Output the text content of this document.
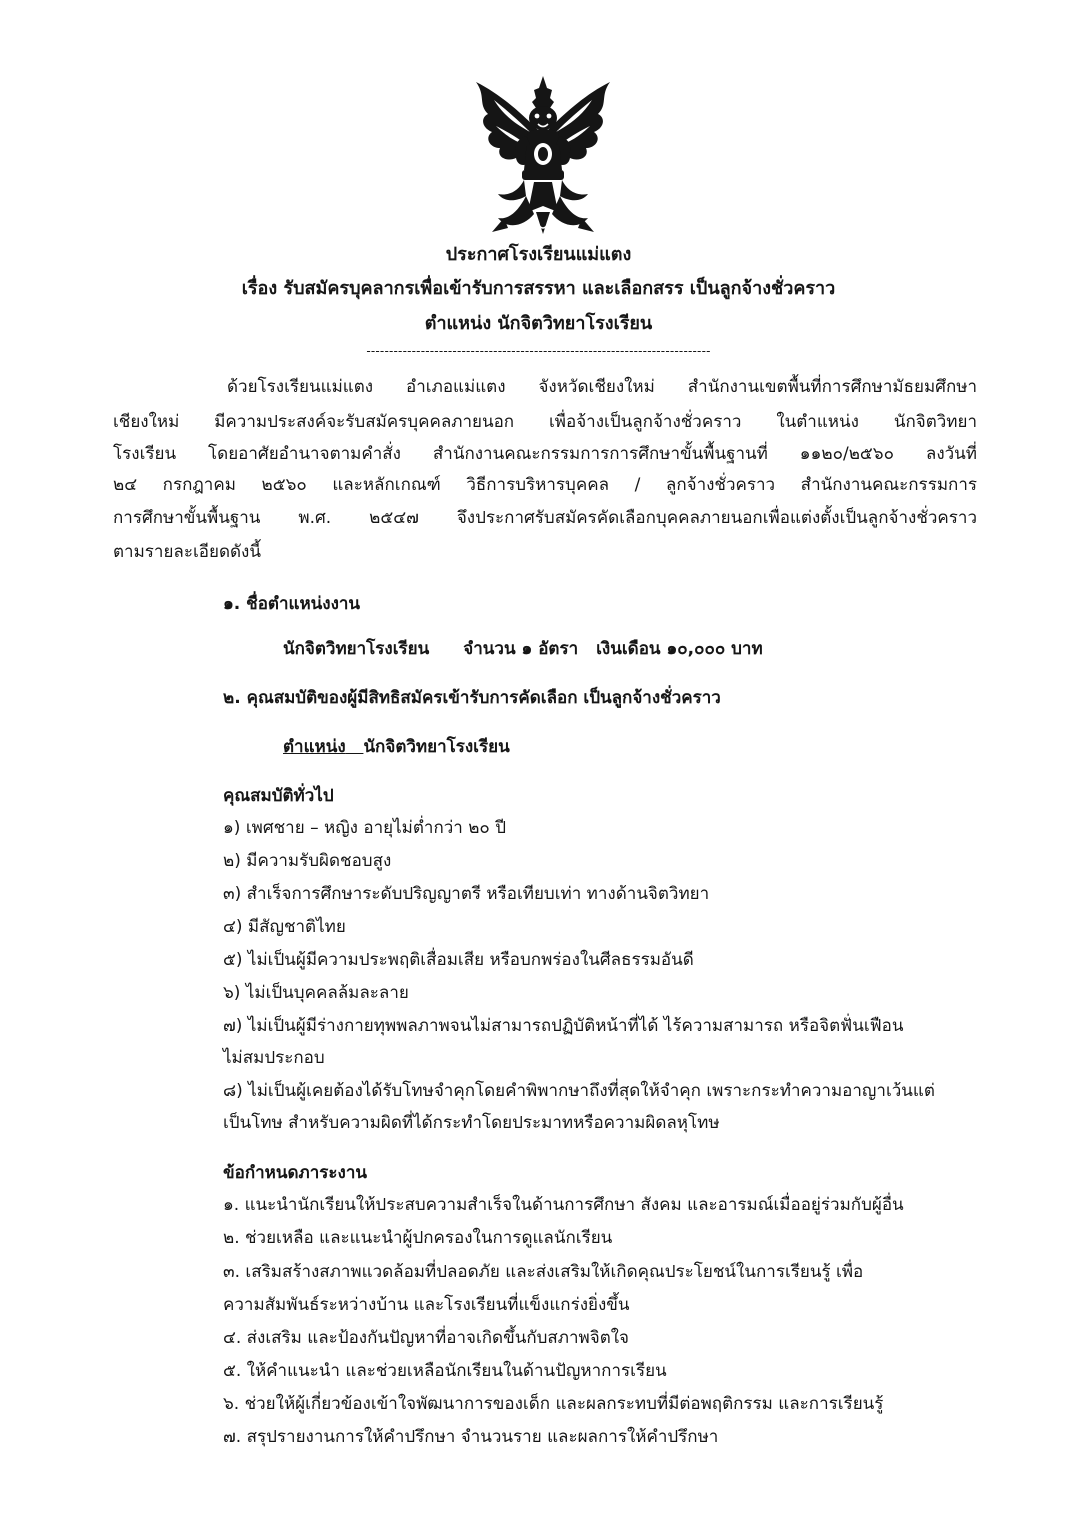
ประกาศโรงเรียนแม่แตง
เรื่อง รับสมัครบุคลากรเพื่อเข้ารับการสรรหา และเลือกสรร เป็นลูกจ้างชั่วคราว
ตำแหน่ง นักจิตวิทยาโรงเรียน
----------------------------------------------------------------------------
ด้วยโรงเรียนแม่แตง อำเภอแม่แตง จังหวัดเชียงใหม่ สำนักงานเขตพื้นที่การศึกษามัธยมศึกษา
เชียงใหม่ มีความประสงค์จะรับสมัครบุคคลภายนอก เพื่อจ้างเป็นลูกจ้างชั่วคราว ในตำแหน่ง นักจิตวิทยา
โรงเรียน โดยอาศัยอำนาจตามคำสั่ง สำนักงานคณะกรรมการการศึกษาขั้นพื้นฐานที่ ๑๑๒๐/๒๕๖๐ ลงวันที่
๒๔ กรกฎาคม ๒๕๖๐ และหลักเกณฑ์ วิธีการบริหารบุคคล / ลูกจ้างชั่วคราว สำนักงานคณะกรรมการ
การศึกษาขั้นพื้นฐาน พ.ศ. ๒๕๔๗ จึงประกาศรับสมัครคัดเลือกบุคคลภายนอกเพื่อแต่งตั้งเป็นลูกจ้างชั่วคราว
ตามรายละเอียดดังนี้
๑. ชื่อตำแหน่งงาน
นักจิตวิทยาโรงเรียน จำนวน ๑ อัตรา เงินเดือน ๑๐,๐๐๐ บาท
๒. คุณสมบัติของผู้มีสิทธิสมัครเข้ารับการคัดเลือก เป็นลูกจ้างชั่วคราว
ตำแหน่ง นักจิตวิทยาโรงเรียน
คุณสมบัติทั่วไป
๑) เพศชาย – หญิง อายุไม่ต่ำกว่า ๒๐ ปี
๒) มีความรับผิดชอบสูง
๓) สำเร็จการศึกษาระดับปริญญาตรี หรือเทียบเท่า ทางด้านจิตวิทยา
๔) มีสัญชาติไทย
๕) ไม่เป็นผู้มีความประพฤติเสื่อมเสีย หรือบกพร่องในศีลธรรมอันดี
๖) ไม่เป็นบุคคลล้มละลาย
๗) ไม่เป็นผู้มีร่างกายทุพพลภาพจนไม่สามารถปฏิบัติหน้าที่ได้ ไร้ความสามารถ หรือจิตฟั่นเฟือน
ไม่สมประกอบ
๘) ไม่เป็นผู้เคยต้องได้รับโทษจำคุกโดยคำพิพากษาถึงที่สุดให้จำคุก เพราะกระทำความอาญาเว้นแต่
เป็นโทษ สำหรับความผิดที่ได้กระทำโดยประมาทหรือความผิดลหุโทษ
ข้อกำหนดภาระงาน
๑. แนะนำนักเรียนให้ประสบความสำเร็จในด้านการศึกษา สังคม และอารมณ์เมื่ออยู่ร่วมกับผู้อื่น
๒. ช่วยเหลือ และแนะนำผู้ปกครองในการดูแลนักเรียน
๓. เสริมสร้างสภาพแวดล้อมที่ปลอดภัย และส่งเสริมให้เกิดคุณประโยชน์ในการเรียนรู้ เพื่อ
ความสัมพันธ์ระหว่างบ้าน และโรงเรียนที่แข็งแกร่งยิ่งขึ้น
๔. ส่งเสริม และป้องกันปัญหาที่อาจเกิดขึ้นกับสภาพจิตใจ
๕. ให้คำแนะนำ และช่วยเหลือนักเรียนในด้านปัญหาการเรียน
๖. ช่วยให้ผู้เกี่ยวข้องเข้าใจพัฒนาการของเด็ก และผลกระทบที่มีต่อพฤติกรรม และการเรียนรู้
๗. สรุปรายงานการให้คำปรึกษา จำนวนราย และผลการให้คำปรึกษา
